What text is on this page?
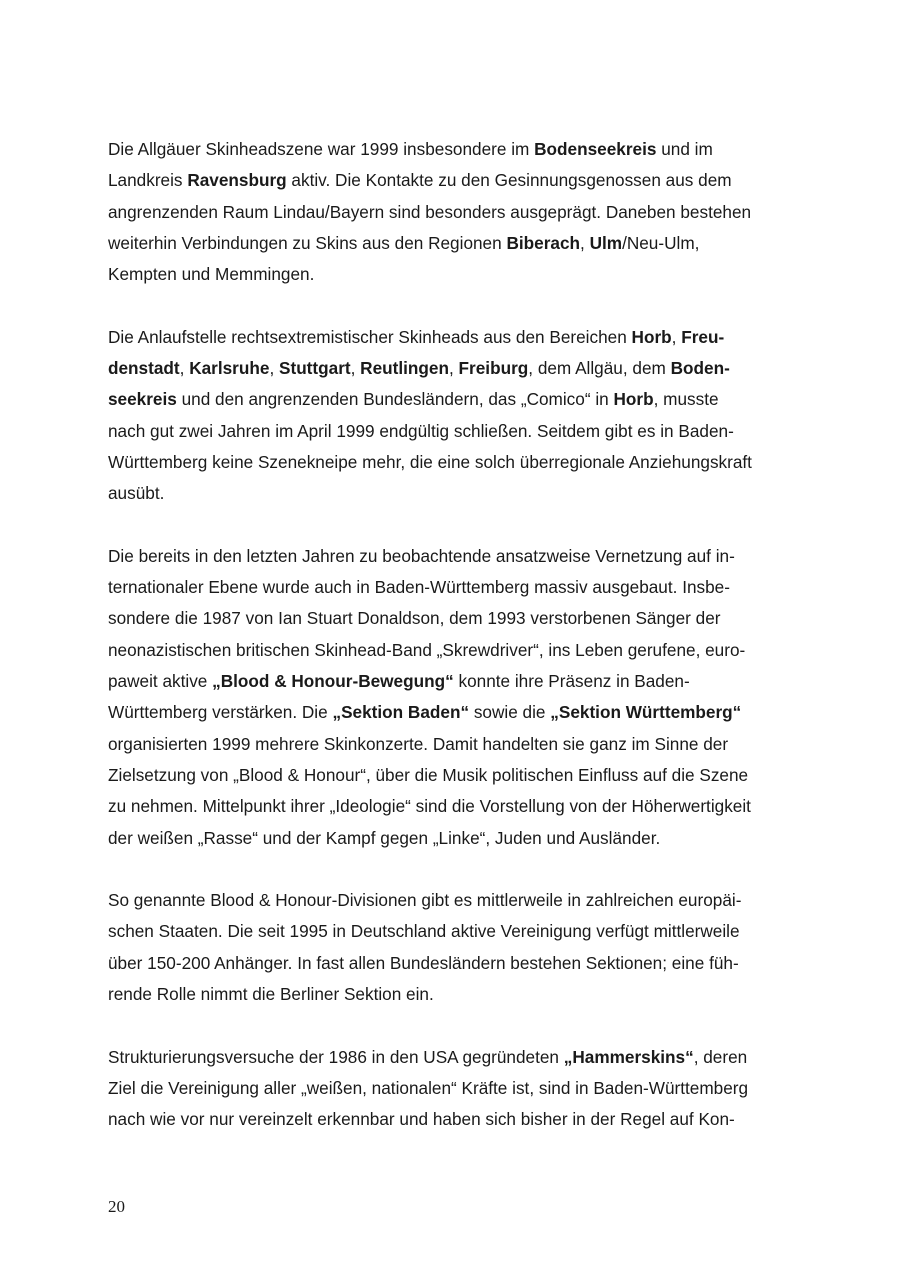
Die Allgäuer Skinheadszene war 1999 insbesondere im Bodenseekreis und im
Landkreis Ravensburg aktiv. Die Kontakte zu den Gesinnungsgenossen aus dem
angrenzenden Raum Lindau/Bayern sind besonders ausgeprägt. Daneben bestehen
weiterhin Verbindungen zu Skins aus den Regionen Biberach, Ulm/Neu-Ulm,
Kempten und Memmingen.
Die Anlaufstelle rechtsextremistischer Skinheads aus den Bereichen Horb, Freu-
denstadt, Karlsruhe, Stuttgart, Reutlingen, Freiburg, dem Allgäu, dem Boden-
seekreis und den angrenzenden Bundesländern, das „Comico“ in Horb, musste
nach gut zwei Jahren im April 1999 endgültig schließen. Seitdem gibt es in Baden-
Württemberg keine Szenekneipe mehr, die eine solch überregionale Anziehungskraft
ausübt.
Die bereits in den letzten Jahren zu beobachtende ansatzweise Vernetzung auf in-
ternationaler Ebene wurde auch in Baden-Württemberg massiv ausgebaut. Insbe-
sondere die 1987 von Ian Stuart Donaldson, dem 1993 verstorbenen Sänger der
neonazistischen britischen Skinhead-Band „Skrewdriver“, ins Leben gerufene, euro-
paweit aktive „Blood & Honour-Bewegung“ konnte ihre Präsenz in Baden-
Württemberg verstärken. Die „Sektion Baden“ sowie die „Sektion Württemberg“
organisierten 1999 mehrere Skinkonzerte. Damit handelten sie ganz im Sinne der
Zielsetzung von „Blood & Honour“, über die Musik politischen Einfluss auf die Szene
zu nehmen. Mittelpunkt ihrer „Ideologie“ sind die Vorstellung von der Höherwertigkeit
der weißen „Rasse“ und der Kampf gegen „Linke“, Juden und Ausländer.
So genannte Blood & Honour-Divisionen gibt es mittlerweile in zahlreichen europäi-
schen Staaten. Die seit 1995 in Deutschland aktive Vereinigung verfügt mittlerweile
über 150-200 Anhänger. In fast allen Bundesländern bestehen Sektionen; eine füh-
rende Rolle nimmt die Berliner Sektion ein.
Strukturierungsversuche der 1986 in den USA gegründeten „Hammerskins“, deren
Ziel die Vereinigung aller „weißen, nationalen“ Kräfte ist, sind in Baden-Württemberg
nach wie vor nur vereinzelt erkennbar und haben sich bisher in der Regel auf Kon-
20
